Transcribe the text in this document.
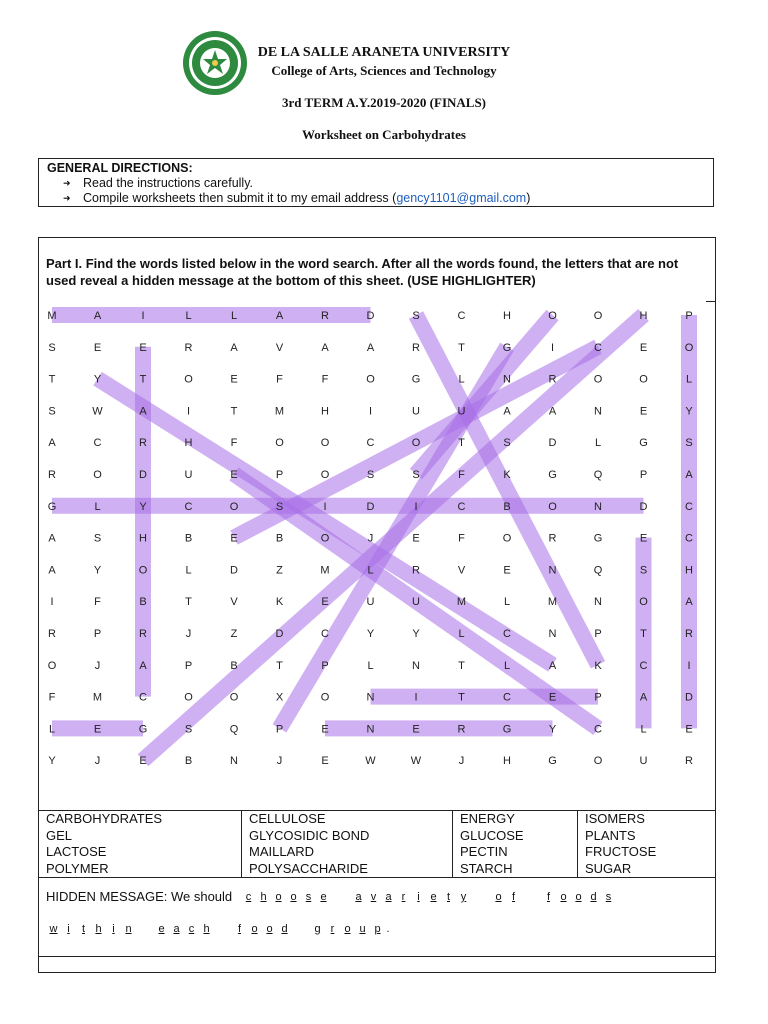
DE LA SALLE ARANETA UNIVERSITY
College of Arts, Sciences and Technology
3rd TERM A.Y.2019-2020 (FINALS)
Worksheet on Carbohydrates
GENERAL DIRECTIONS:
➜ Read the instructions carefully.
➜ Compile worksheets then submit it to my email address (gency1101@gmail.com)
Part I. Find the words listed below in the word search. After all the words found, the letters that are not used reveal a hidden message at the bottom of this sheet. (USE HIGHLIGHTER)
M	A	I	L	L	A	R	D	S	C	H	O	O	H	P
S	E	E	R	A	V	A	A	R	T	G	I	C	E	O
T	Y	T	O	E	F	F	O	G	L	N	R	O	O	L
S	W	A	I	T	M	H	I	U	U	A	A	N	E	Y
A	C	R	H	F	O	O	C	O	T	S	D	L	G	S
R	O	D	U	E	P	O	S	S	F	K	G	Q	P	A
G	L	Y	C	O	S	I	D	I	C	B	O	N	D	C
A	S	H	B	E	B	O	J	E	F	O	R	G	E	C
A	Y	O	L	D	Z	M	L	R	V	E	N	Q	S	H
I	F	B	T	V	K	E	U	U	M	L	M	N	O	A
R	P	R	J	Z	D	C	Y	Y	L	C	N	P	T	R
O	J	A	P	B	T	P	L	N	T	L	A	K	C	I
F	M	C	O	O	X	O	N	I	T	C	E	P	A	D
L	E	G	S	Q	P	E	N	E	R	G	Y	C	L	E
Y	J	E	B	N	J	E	W	W	J	H	G	O	U	R
CARBOHYDRATES	CELLULOSE	ENERGY	ISOMERS
GEL	GLYCOSIDIC BOND	GLUCOSE	PLANTS
LACTOSE	MAILLARD	PECTIN	FRUCTOSE
POLYMER	POLYSACCHARIDE	STARCH	SUGAR
HIDDEN MESSAGE: We should	c h o o s e	a v a r i e t y	o f	f o o d s
w i t h i n	e a c h	f o o d	g r o u p .
